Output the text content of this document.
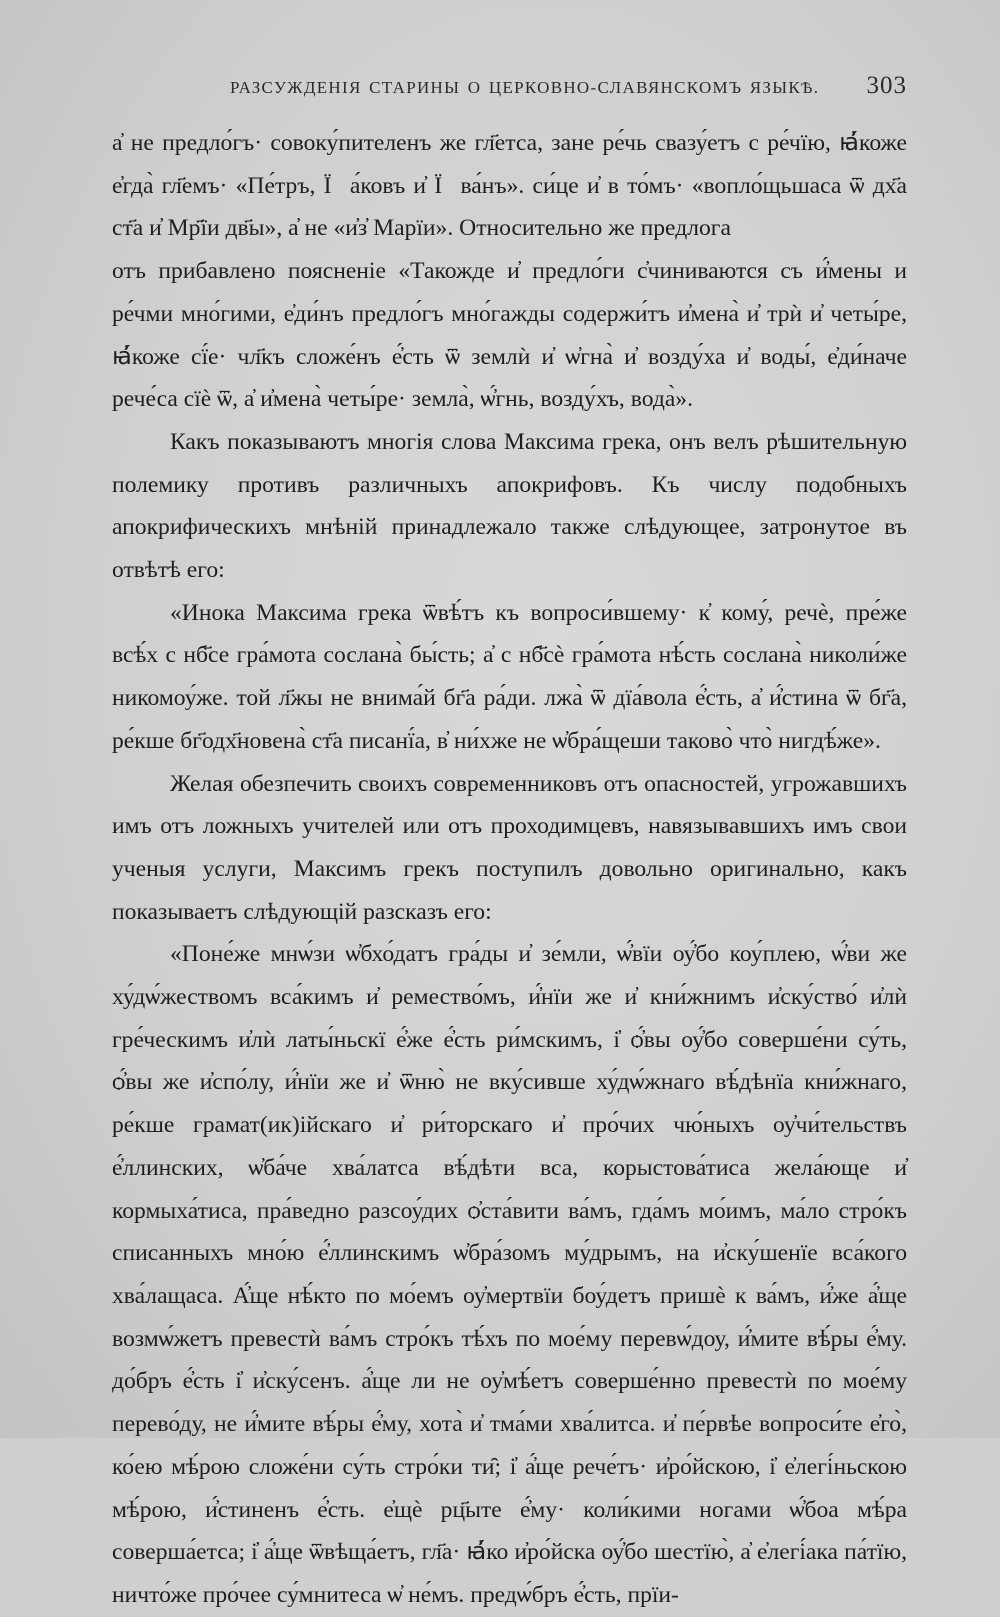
РАЗСУЖДЕНІЯ СТАРИНЫ О ЦЕРКОВНО-СЛАВЯНСКОМЪ ЯЗЫКѢ. 303

а̓ не предло́гъ· совоку́пителенъ же гл҃етса, зане ре́чь свазу́етъ с ре́чїю, ꙗ҆́коже е҆гда̀ гл҃емъ· «Пе́тръ, Ї꙽а́ковъ и҆ Ї꙽ва́нъ». си́це и҆ в то́мъ· «вопло́щьшаса ѿ дх҃а ст҃а и҆ Мр҃їи дв҃ы», а҆ не «и҆з̓ Марїи». Относительно же предлога

отъ прибавлено поясненіе «Такожде и҆ предло́ги с҆чиниваются съ и҆́мены и ре́чми мно́гими, е҆ди́нъ предло́гъ мно́гажды содержи́тъ и҆мена̀ и҆ трѝ и҆ четы́ре, ꙗ҆́коже сї́е· чл҃къ сложе́нъ е҆́сть ѿ землѝ и҆ ѡ҆гна̀ и҆ возду́ха и҆ воды́, е҆ди́наче рече́са сїѐ ѿ, а҆ и҆мена̀ четы́ре· земла̀, ѡ҆́гнь, возду́хъ, вода̀».

Какъ показываютъ многія слова Максима грека, онъ велъ рѣшительную полемику противъ различныхъ апокрифовъ. Къ числу подобныхъ апокрифическихъ мнѣній принадлежало также слѣдующее, затронутое въ отвѣтѣ его:

«Инока Максима грека ѿвѣ́тъ къ вопроси́вшему· к̓ кому́, речѐ, пре́же всѣ́х с нб҃се гра́мота сослана̀ бы́сть; а҆ с нб҃сѐ гра́мота нѣ́сть сослана̀ николи́же никомоу́же. той л҃жы не внима́й бг҃а ра́ди. лжа̀ ѿ дїа́вола е҆́сть, а҆ и҆́стина ѿ бг҃а, ре́кше бг҃одх҃новена̀ ст҃а писанї́а, в̓ ни́хже не ѡ҆бра́щеши таково̀ что̀ нигдѣ́же».

Желая обезпечить своихъ современниковъ отъ опасностей, угрожавшихъ имъ отъ ложныхъ учителей или отъ проходимцевъ, навязывавшихъ имъ свои ученыя услуги, Максимъ грекъ поступилъ довольно оригинально, какъ показываетъ слѣдующій разсказъ его:

«Поне́же мнѡ́зи ѡ҆бхо́датъ гра́ды и҆ зе́мли, ѡ҆́вїи оу҆́бо коу́плею, ѡ҆́ви же ху́дѡ́жествомъ вса́кимъ и҆ ремество́мъ, и҆́нїи же и҆ кни́жнимъ и҆ску́ство́ и҆лѝ гре́ческимъ и҆лѝ латы́ньскї е҆́же е҆́сть ри́мскимъ, і҆ ѻ҆́вы оу҆́бо соверше́ни су́ть, ѻ҆́вы же и҆спо́лу, и҆́нїи же и҆ ѿню̀ не вку́сивше ху́дѡ́жнаго вѣ́дѣнїа кни́жнаго, ре́кше грамат(ик)ійскаго и҆ ри́торскаго и҆ про́чих чю́ныхъ оу҆чи́тельствъ е҆́ллинских, ѡ҆ба́че хва́латса вѣ́дѣти вса, корыстова́тиса жела́юще и҆ кормыха́тиса, пра́ведно разсоу́дих ѻ҆ста́вити ва́мъ, гда́мъ мо́имъ, ма́ло стро́къ списанныхъ мно́ю е҆́ллинскимъ ѡ҆бра́зомъ му́дрымъ, на и҆ску́шенїе вса́кого хва́лащаса. А҆́ще нѣ́кто по мо́емъ оу҆мертвїи боу́детъ пришѐ к ва́мъ, и҆́же а҆́ще возмѡ́жетъ превестѝ ва́мъ стро́къ тѣ́хъ по мое́му перевѡ́доу, и҆́мите вѣ́ры е҆́му. до́бръ е҆́сть і҆ и҆ску́сенъ. а҆́ще ли не оу҆мѣ́етъ соверше́нно превестѝ по мое́му перево́ду, не и҆́мите вѣ́ры е҆́му, хота̀ и҆ тма́ми хва́литса. и҆ пе́рвѣе вопроси́те е҆го̀, ко́ею мѣ́рою сложе́ни су́ть стро́ки ти̑; і҆ а҆́ще рече́тъ· и҆ро́йскою, і҆ е҆легі́ньскою мѣ́рою, и҆́стиненъ е҆́сть. е҆щѐ рц҃ыте е҆́му· коли́кими ногами ѡ҆́боа мѣ́ра соверша́етса; і҆ а҆́ще ѿвѣща́етъ, гл҃а· ꙗ҆́ко и҆ро́йска оу҆́бо шестїю̀, а҆ е҆легі́ака па́тїю, ничто́же про́чее су́мнитеса ѡ҆ не́мъ. предѡ́бръ е҆́сть, прїи-
